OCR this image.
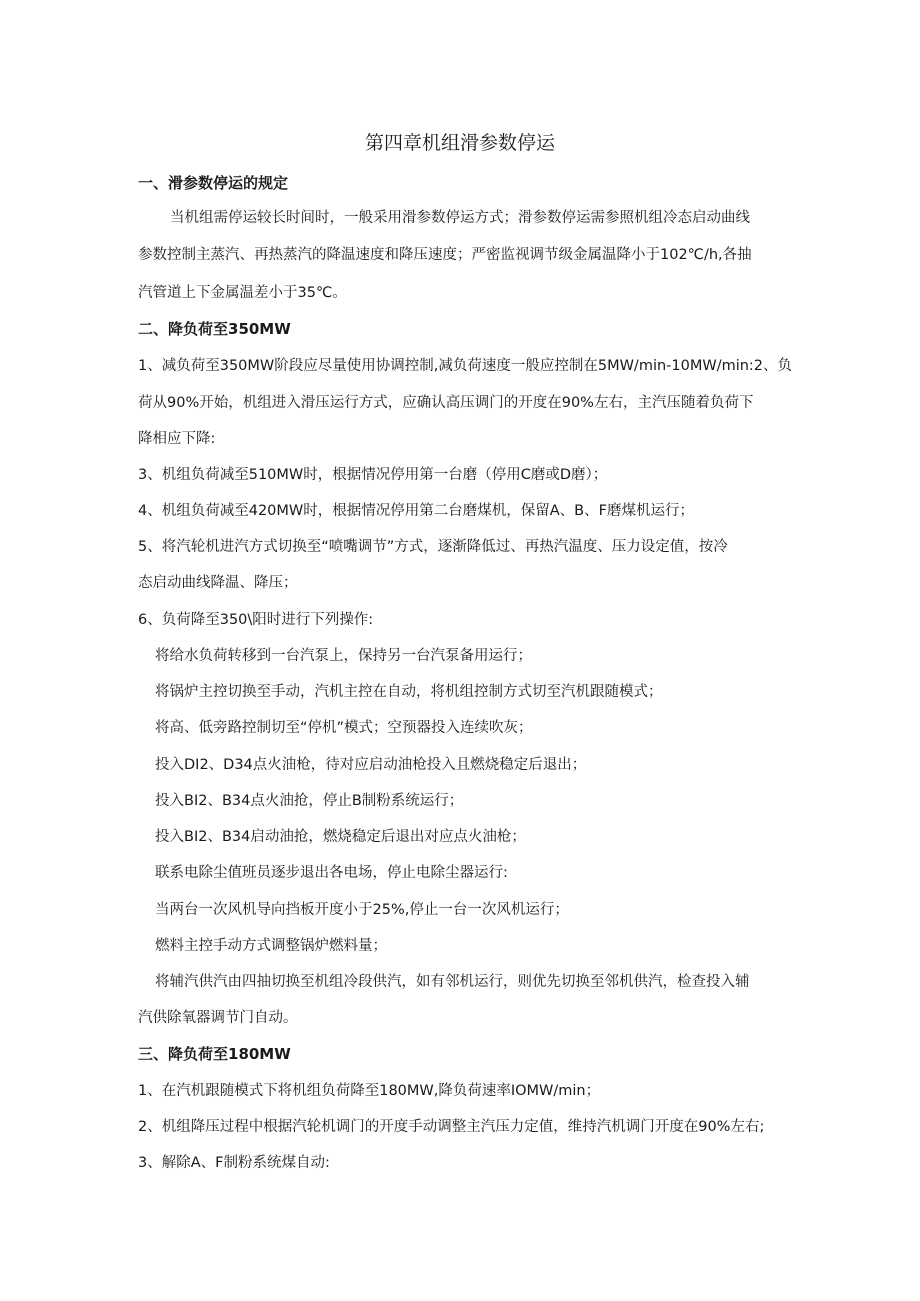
第四章机组滑参数停运

一、滑参数停运的规定

当机组需停运较长时间时，一般采用滑参数停运方式；滑参数停运需参照机组冷态启动曲线

参数控制主蒸汽、再热蒸汽的降温速度和降压速度；严密监视调节级金属温降小于102℃/h,各抽

汽管道上下金属温差小于35℃。

二、降负荷至350MW

1、减负荷至350MW阶段应尽量使用协调控制,减负荷速度一般应控制在5MW/min-10MW/min:2、负

荷从90%开始，机组进入滑压运行方式，应确认高压调门的开度在90%左右，主汽压随着负荷下

降相应下降:

3、机组负荷减至510MW时，根据情况停用第一台磨（停用C磨或D磨）；

4、机组负荷减至420MW时，根据情况停用第二台磨煤机，保留A、B、F磨煤机运行；

5、将汽轮机进汽方式切换至“喷嘴调节”方式，逐渐降低过、再热汽温度、压力设定值，按冷

态启动曲线降温、降压；

6、负荷降至350\阳时进行下列操作:

将给水负荷转移到一台汽泵上，保持另一台汽泵备用运行；

将锅炉主控切换至手动，汽机主控在自动，将机组控制方式切至汽机跟随模式；

将高、低旁路控制切至“停机”模式；空预器投入连续吹灰；

投入DI2、D34点火油枪，待对应启动油枪投入且燃烧稳定后退出；

投入BI2、B34点火油抢，停止B制粉系统运行；

投入BI2、B34启动油抢，燃烧稳定后退出对应点火油枪；

联系电除尘值班员逐步退出各电场，停止电除尘器运行:

当两台一次风机导向挡板开度小于25%,停止一台一次风机运行；

燃料主控手动方式调整锅炉燃料量；

将辅汽供汽由四抽切换至机组冷段供汽，如有邻机运行，则优先切换至邻机供汽，检查投入辅

汽供除氧器调节门自动。

三、降负荷至180MW

1、在汽机跟随模式下将机组负荷降至180MW,降负荷速率IOMW/min；

2、机组降压过程中根据汽轮机调门的开度手动调整主汽压力定值，维持汽机调门开度在90%左右;

3、解除A、F制粉系统煤自动:
